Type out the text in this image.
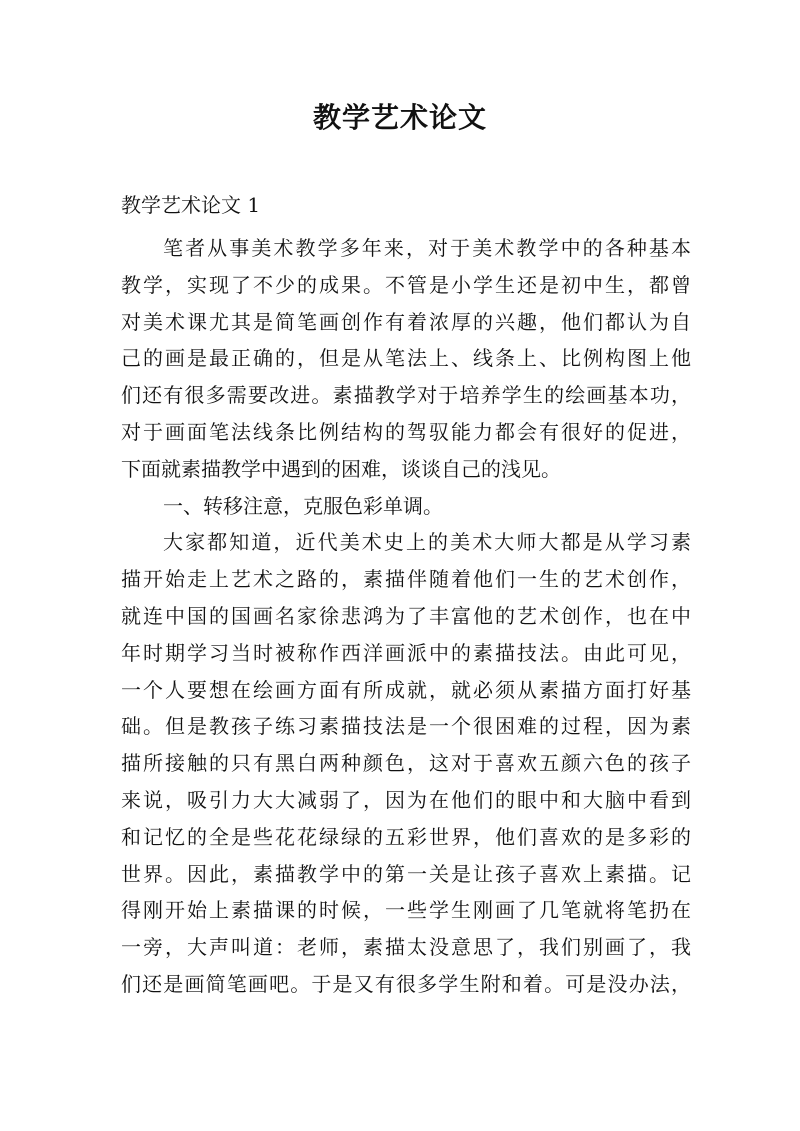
教学艺术论文
教学艺术论文 1
笔者从事美术教学多年来，对于美术教学中的各种基本
教学，实现了不少的成果。不管是小学生还是初中生，都曾
对美术课尤其是简笔画创作有着浓厚的兴趣，他们都认为自
己的画是最正确的，但是从笔法上、线条上、比例构图上他
们还有很多需要改进。素描教学对于培养学生的绘画基本功，
对于画面笔法线条比例结构的驾驭能力都会有很好的促进，
下面就素描教学中遇到的困难，谈谈自己的浅见。
一、转移注意，克服色彩单调。
大家都知道，近代美术史上的美术大师大都是从学习素
描开始走上艺术之路的，素描伴随着他们一生的艺术创作，
就连中国的国画名家徐悲鸿为了丰富他的艺术创作，也在中
年时期学习当时被称作西洋画派中的素描技法。由此可见，
一个人要想在绘画方面有所成就，就必须从素描方面打好基
础。但是教孩子练习素描技法是一个很困难的过程，因为素
描所接触的只有黑白两种颜色，这对于喜欢五颜六色的孩子
来说，吸引力大大减弱了，因为在他们的眼中和大脑中看到
和记忆的全是些花花绿绿的五彩世界，他们喜欢的是多彩的
世界。因此，素描教学中的第一关是让孩子喜欢上素描。记
得刚开始上素描课的时候，一些学生刚画了几笔就将笔扔在
一旁，大声叫道：老师，素描太没意思了，我们别画了，我
们还是画简笔画吧。于是又有很多学生附和着。可是没办法，
